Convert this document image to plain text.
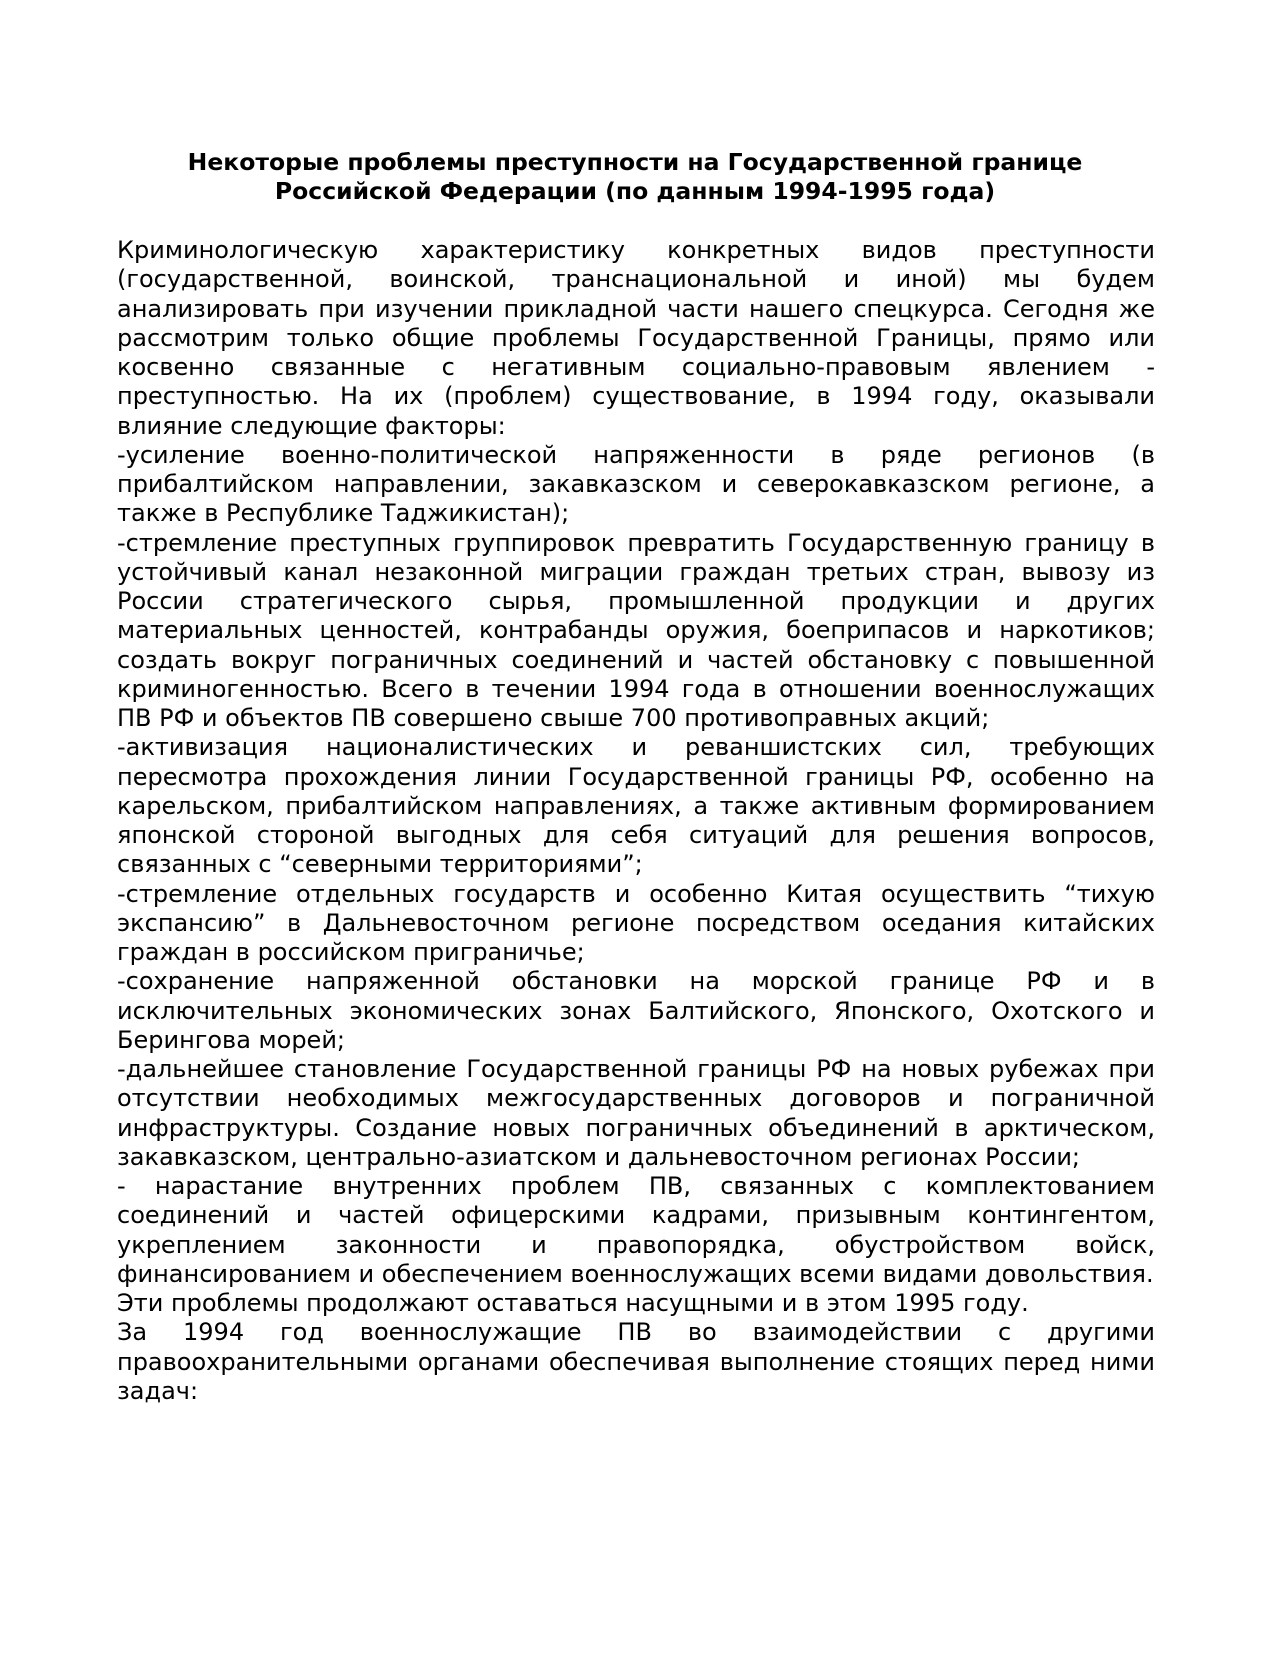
Некоторые проблемы преступности на Государственной границе
Российской Федерации (по данным 1994-1995 года)

Криминологическую характеристику конкретных видов преступности (государственной, воинской, транснациональной и иной) мы будем анализировать при изучении прикладной части нашего спецкурса. Сегодня же рассмотрим только общие проблемы Государственной Границы, прямо или косвенно связанные с негативным социально-правовым явлением - преступностью. На их (проблем) существование, в 1994 году, оказывали влияние следующие факторы:

-усиление военно-политической напряженности в ряде регионов (в прибалтийском направлении, закавказском и северокавказском регионе, а также в Республике Таджикистан);

-стремление преступных группировок превратить Государственную границу в устойчивый канал незаконной миграции граждан третьих стран, вывозу из России стратегического сырья, промышленной продукции и других материальных ценностей, контрабанды оружия, боеприпасов и наркотиков; создать вокруг пограничных соединений и частей обстановку с повышенной криминогенностью. Всего в течении 1994 года в отношении военнослужащих ПВ РФ и объектов ПВ совершено свыше 700 противоправных акций;

-активизация националистических и реваншистских сил, требующих пересмотра прохождения линии Государственной границы РФ, особенно на карельском, прибалтийском направлениях, а также активным формированием японской стороной выгодных для себя ситуаций для решения вопросов, связанных с “северными территориями”;

-стремление отдельных государств и особенно Китая осуществить “тихую экспансию” в Дальневосточном регионе посредством оседания китайских граждан в российском приграничье;

-сохранение напряженной обстановки на морской границе РФ и в исключительных экономических зонах Балтийского, Японского, Охотского и Берингова морей;

-дальнейшее становление Государственной границы РФ на новых рубежах при отсутствии необходимых межгосударственных договоров и пограничной инфраструктуры. Создание новых пограничных объединений в арктическом, закавказском, центрально-азиатском и дальневосточном регионах России;

- нарастание внутренних проблем ПВ, связанных с комплектованием соединений и частей офицерскими кадрами, призывным контингентом, укреплением законности и правопорядка, обустройством войск, финансированием и обеспечением военнослужащих всеми видами довольствия.

Эти проблемы продолжают оставаться насущными и в этом 1995 году.

За 1994 год военнослужащие ПВ во взаимодействии с другими правоохранительными органами обеспечивая выполнение стоящих перед ними задач:
